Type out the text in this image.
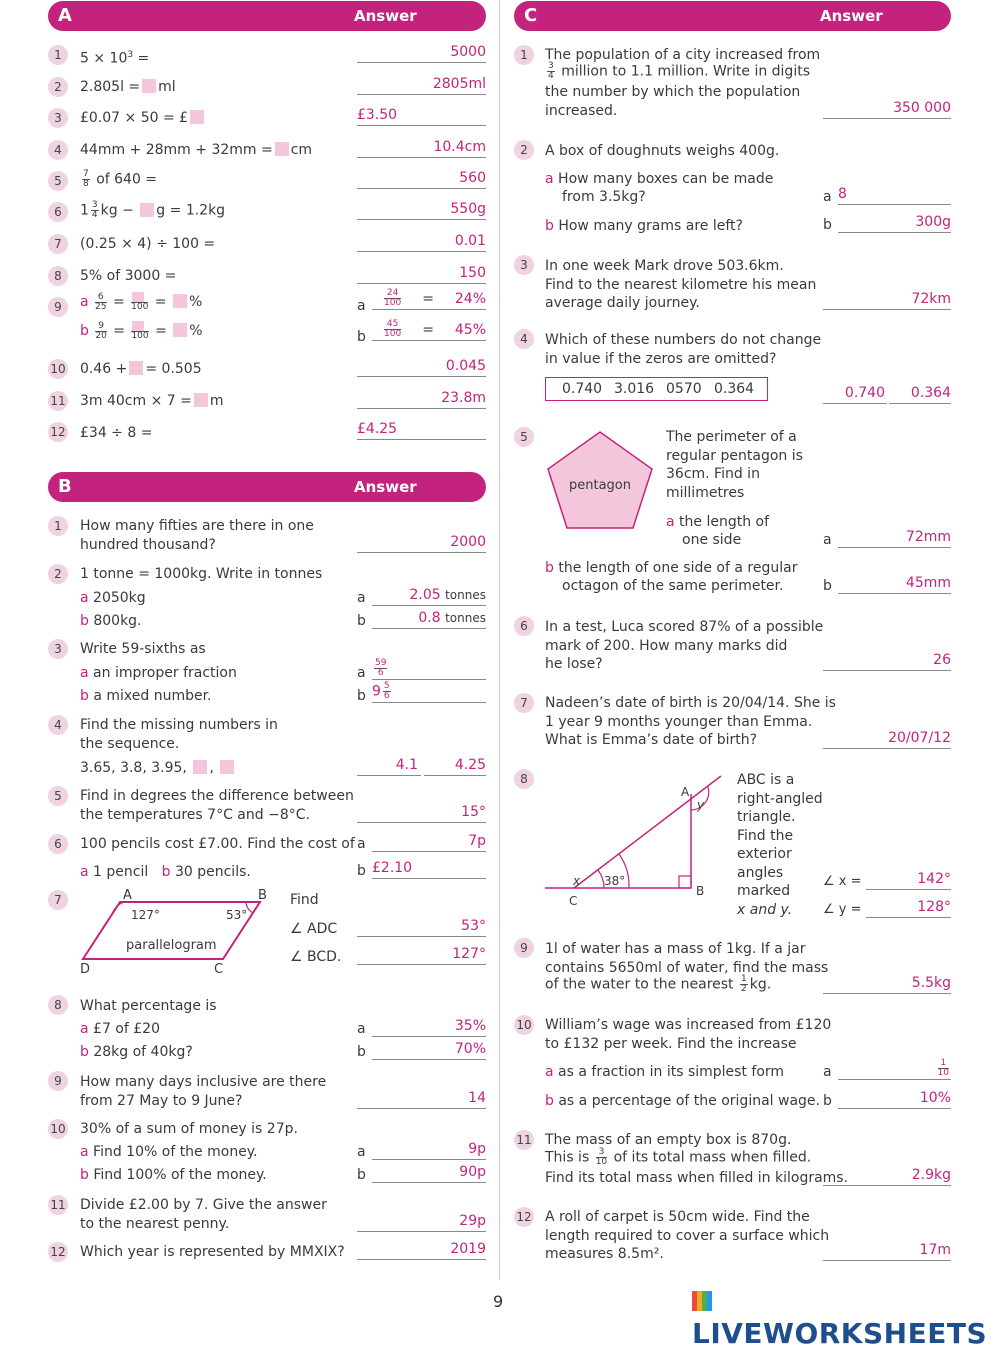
A	Answer
1	$5 \times 10^3$ =	5000
2	2.805l = ml	2805ml
3	£0.07 × 50 = £	£3.50
4	44mm + 28mm + 32mm = cm	10.4cm
5	$\frac{7}{8}$ of 640 =	560
6	$1 \frac{3}{4}$ kg − g = 1.2kg	550g
7	(0.25 × 4) ÷ 100 =	0.01
8	5% of 3000 =	150
9	a $\frac{6}{25} = 100$ = %
b $\frac{9}{20} = 100$ = %
a $\frac{24}{100} = 24\%$
b $\frac{45}{100} = 45\%$
10 0.46 + = 0.505	0.045
11 3m 40cm × 7 = m	23.8m
12 £34 ÷ 8 =	£4.25
B	Answer
1	How many fifties are there in one
hundred thousand?	2000
2	1 tonne = 1000kg. Write in tonnes
a 2050kg
b 800kg.
a	2.05 tonnes
b	0.8 tonnes
3	Write 59-sixths as
a an improper fraction
b a mixed number.
a $\frac{59}{6}$
b $9 \frac{5}{6}$
4	Find the missing numbers in
the sequence.
3.65, 3.8, 3.95, ,	4.1	4.25
5	Find in degrees the difference between
the temperatures 7°C and −8°C.	15°
6	100 pencils cost £7.00. Find the cost of
a 1 pencil b 30 pencils.
a	7p
b £2.10
7	A	B
C
D
127°	53°
parallelogram
Find
∠ ADC
∠ BCD.
53°
127°
8	What percentage is
a £7 of £20
b 28kg of 40kg?
a	35%
b	70%
9	How many days inclusive are there
from 27 May to 9 June?	14
10 30% of a sum of money is 27p.
a Find 10% of the money.
b Find 100% of the money.
a	9p
b	90p
11 Divide £2.00 by 7. Give the answer
to the nearest penny.	29p
12 Which year is represented by MMXIX?	2019
C	Answer
1	The population of a city increased from
$\frac{3}{4}$ million to 1.1 million. Write in digits
the number by which the population
increased.	350 000
2	A box of doughnuts weighs 400g.
a How many boxes can be made
from 3.5kg?
b How many grams are left?
a 8
b	300g
3	In one week Mark drove 503.6km.
Find to the nearest kilometre his mean
average daily journey.	72km
4	Which of these numbers do not change
in value if the zeros are omitted?
0.740 3.016 0570 0.364	0.740 0.364
5
pentagon
The perimeter of a
regular pentagon is
36cm. Find in
millimetres
a the length of
one side
b the length of one side of a regular
octagon of the same perimeter.
a	72mm
b	45mm
6	In a test, Luca scored 87% of a possible
mark of 200. How many marks did
he lose?	26
7	Nadeen’s date of birth is 20/04/14. She is
1 year 9 months younger than Emma.
What is Emma’s date of birth?	20/07/12
8
A
B
C
x
y
38°
ABC is a
right-angled
triangle.
Find the
exterior
angles
marked
x and y.
∠ x =	142°
∠ y =	128°
9	1l of water has a mass of 1kg. If a jar
contains 5650ml of water, find the mass
of the water to the nearest $\frac{1}{2}$ kg.	5.5kg
10 William’s wage was increased from £120
to £132 per week. Find the increase
a as a fraction in its simplest form
b as a percentage of the original wage.
a	$\frac{1}{10}$
b	10%
11 The mass of an empty box is 870g.
This is $\frac{3}{10}$ of its total mass when filled.
Find its total mass when filled in kilograms.	2.9kg
12 A roll of carpet is 50cm wide. Find the
length required to cover a surface which
measures 8.5m².	17m
9
LIVEWORKSHEETS
